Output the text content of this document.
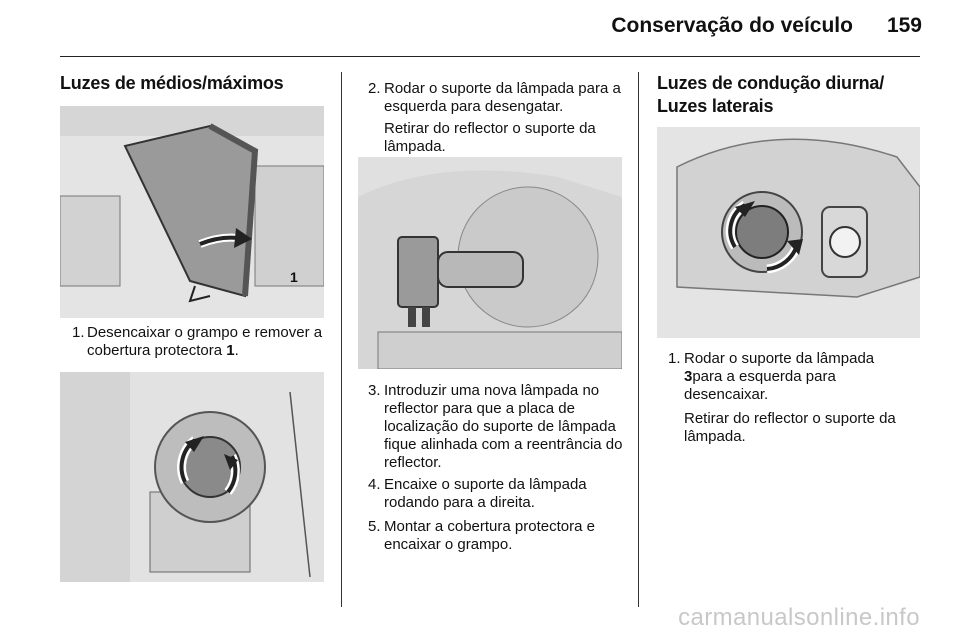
Conservação do veículo 159
Luzes de médios/máximos
1
1. Desencaixar o grampo e remover a cobertura protectora 1.
2. Rodar o suporte da lâmpada para a esquerda para desengatar.
Retirar do reflector o suporte da lâmpada.
3. Introduzir uma nova lâmpada no reflector para que a placa de localização do suporte de lâmpada fique alinhada com a reentrância do reflector.
4. Encaixe o suporte da lâmpada rodando para a direita.
5. Montar a cobertura protectora e encaixar o grampo.
Luzes de condução diurna/
Luzes laterais
1. Rodar o suporte da lâmpada
3para a esquerda para desencaixar.
Retirar do reflector o suporte da lâmpada.
carmanualsonline.info
